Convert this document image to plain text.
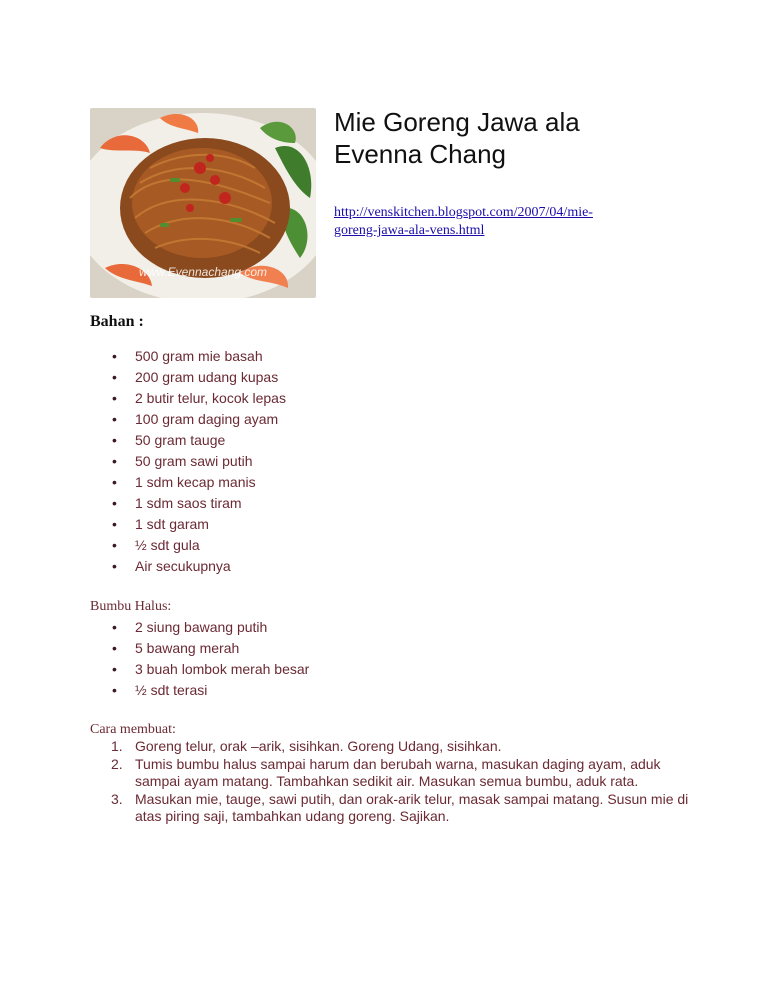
www.Evennachang.com
Mie Goreng Jawa ala
Evenna Chang
http://venskitchen.blogspot.com/2007/04/mie-
goreng-jawa-ala-vens.html
Bahan :
• 500 gram mie basah
• 200 gram udang kupas
• 2 butir telur, kocok lepas
• 100 gram daging ayam
• 50 gram tauge
• 50 gram sawi putih
• 1 sdm kecap manis
• 1 sdm saos tiram
• 1 sdt garam
• ½ sdt gula
• Air secukupnya
Bumbu Halus:
• 2 siung bawang putih
• 5 bawang merah
• 3 buah lombok merah besar
• ½ sdt terasi
Cara membuat:
1. Goreng telur, orak –arik, sisihkan. Goreng Udang, sisihkan.
2. Tumis bumbu halus sampai harum dan berubah warna, masukan daging ayam, aduk sampai ayam matang. Tambahkan sedikit air. Masukan semua bumbu, aduk rata.
3. Masukan mie, tauge, sawi putih, dan orak-arik telur, masak sampai matang. Susun mie di atas piring saji, tambahkan udang goreng. Sajikan.
